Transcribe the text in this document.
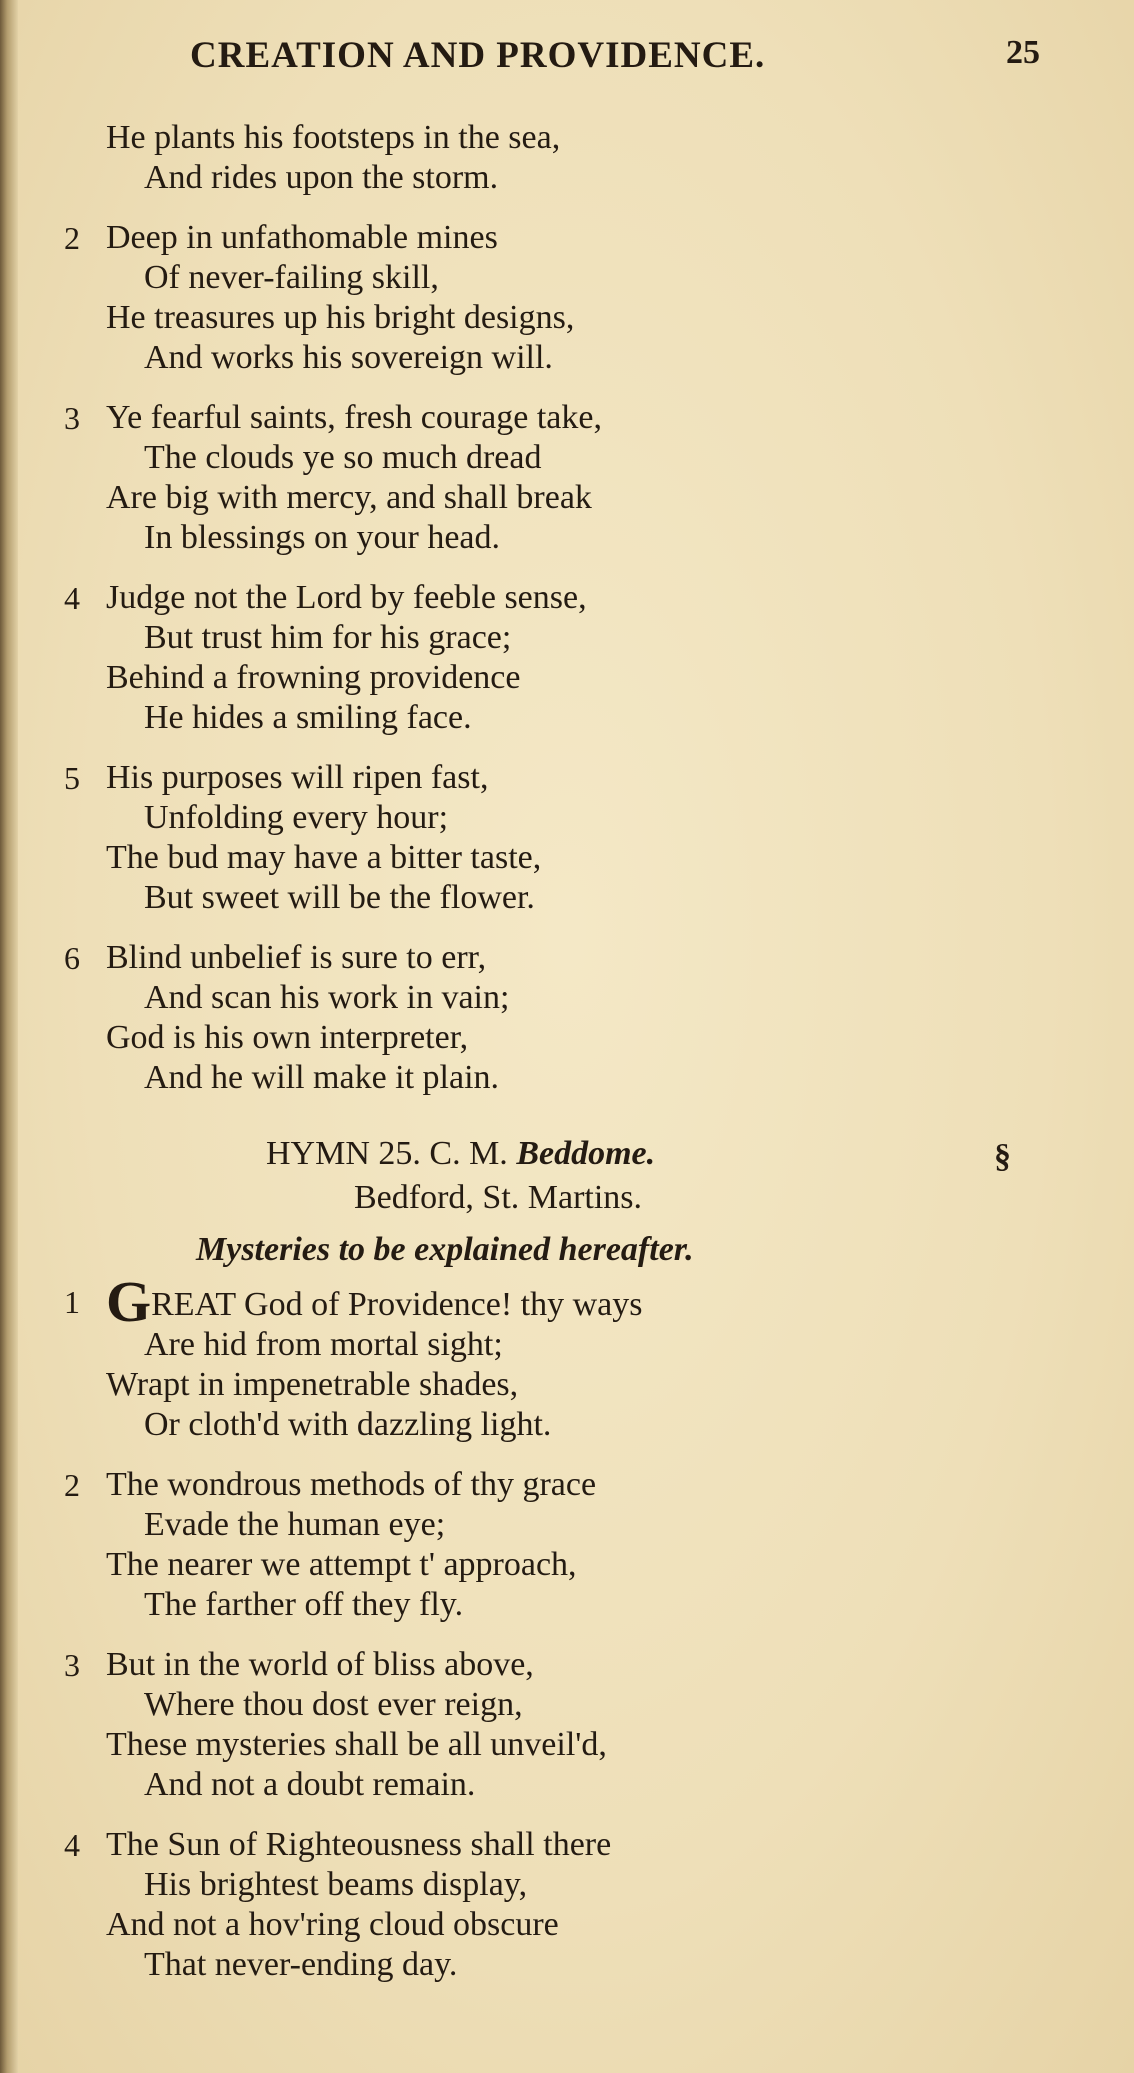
CREATION AND PROVIDENCE.	25
He plants his footsteps in the sea,
And rides upon the storm.
2 Deep in unfathomable mines
Of never-failing skill,
He treasures up his bright designs,
And works his sovereign will.
3 Ye fearful saints, fresh courage take,
The clouds ye so much dread
Are big with mercy, and shall break
In blessings on your head.
4 Judge not the Lord by feeble sense,
But trust him for his grace;
Behind a frowning providence
He hides a smiling face.
5 His purposes will ripen fast,
Unfolding every hour;
The bud may have a bitter taste,
But sweet will be the flower.
6 Blind unbelief is sure to err,
And scan his work in vain;
God is his own interpreter,
And he will make it plain.
HYMN 25. C. M. Beddome.	§
Bedford, St. Martins.
Mysteries to be explained hereafter.
1 GREAT God of Providence! thy ways
Are hid from mortal sight;
Wrapt in impenetrable shades,
Or cloth'd with dazzling light.
2 The wondrous methods of thy grace
Evade the human eye;
The nearer we attempt t' approach,
The farther off they fly.
3 But in the world of bliss above,
Where thou dost ever reign,
These mysteries shall be all unveil'd,
And not a doubt remain.
4 The Sun of Righteousness shall there
His brightest beams display,
And not a hov'ring cloud obscure
That never-ending day.
